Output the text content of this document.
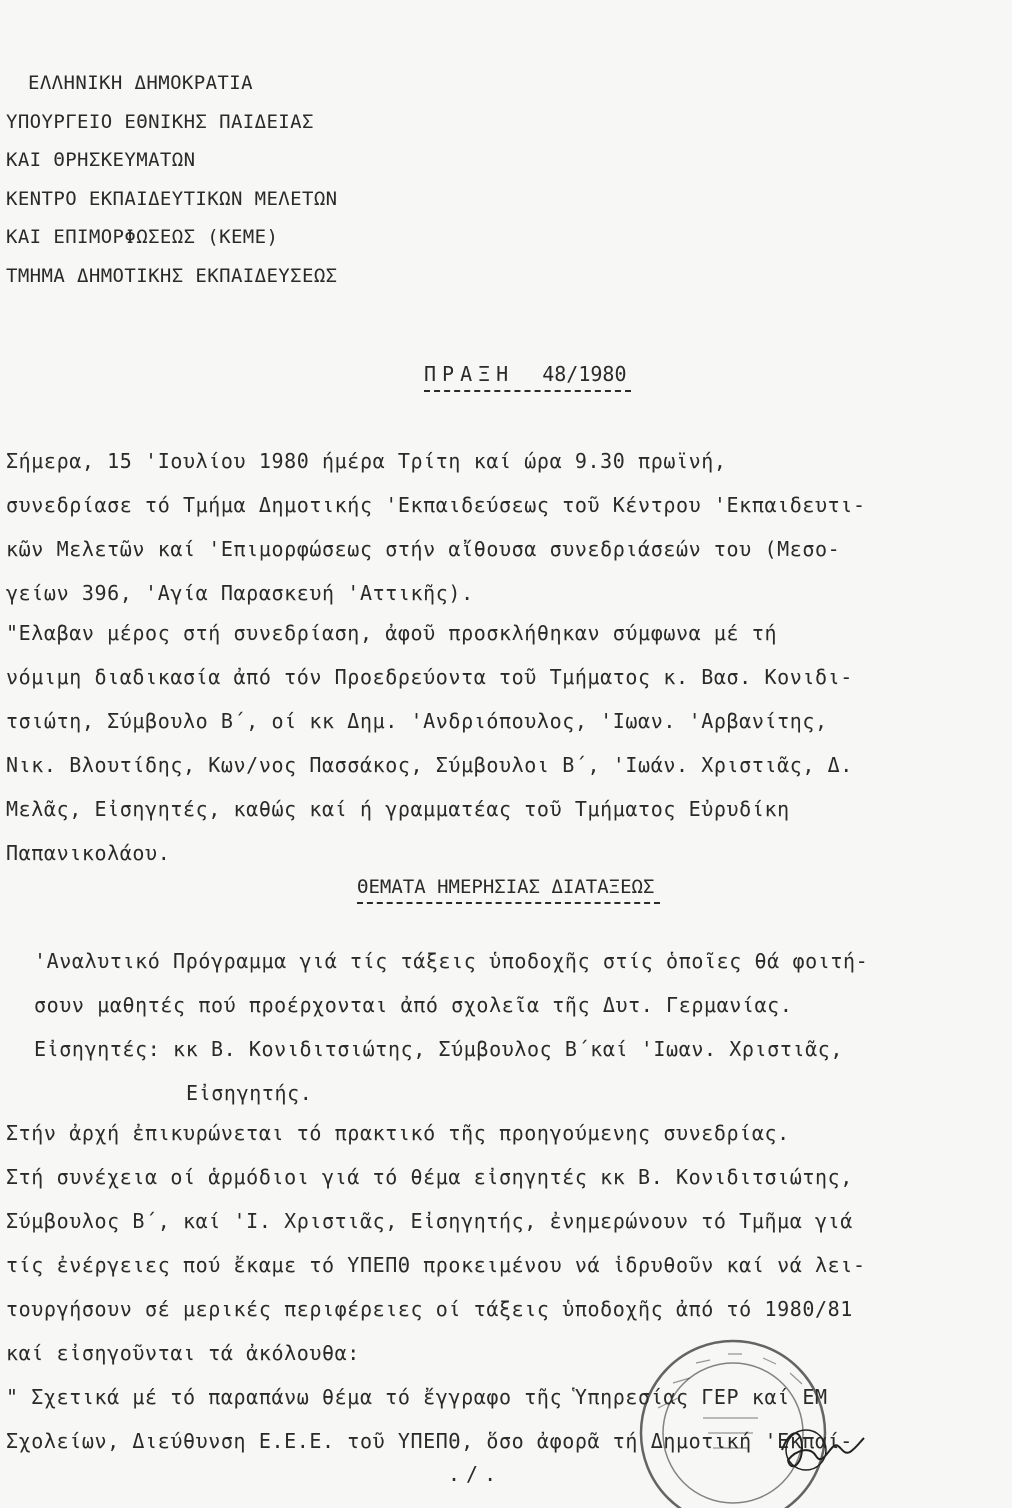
ΕΛΛΗΝΙΚΗ ΔΗΜΟΚΡΑΤΙΑ
ΥΠΟΥΡΓΕΙΟ ΕΘΝΙΚΗΣ ΠΑΙΔΕΙΑΣ
ΚΑΙ ΘΡΗΣΚΕΥΜΑΤΩΝ
ΚΕΝΤΡΟ ΕΚΠΑΙΔΕΥΤΙΚΩΝ ΜΕΛΕΤΩΝ
ΚΑΙ ΕΠΙΜΟΡΦΩΣΕΩΣ (ΚΕΜΕ)
ΤΜΗΜΑ ΔΗΜΟΤΙΚΗΣ ΕΚΠΑΙΔΕΥΣΕΩΣ
ΠΡΑΞΗ 48/1980
Σήμερα, 15 'Ιουλίου 1980 ήμέρα Τρίτη καί ώρα 9.30 πρωϊνή,
συνεδρίασε τό Τμήμα Δημοτικής 'Εκπαιδεύσεως τοῦ Κέντρου 'Εκπαιδευτι-
κῶν Μελετῶν καί 'Επιμορφώσεως στήν αἴθουσα συνεδριάσεών του (Μεσο-
γείων 396, 'Αγία Παρασκευή 'Αττικῆς).
"Ελαβαν μέρος στή συνεδρίαση, ἀφοῦ προσκλήθηκαν σύμφωνα μέ τή
νόμιμη διαδικασία ἀπό τόν Προεδρεύοντα τοῦ Τμήματος κ. Βασ. Κονιδι-
τσιώτη, Σύμβουλο Β΄, οί κκ Δημ. 'Ανδριόπουλος, 'Ιωαν. 'Αρβανίτης,
Νικ. Βλουτίδης, Κων/νος Πασσάκος, Σύμβουλοι Β΄, 'Ιωάν. Χριστιᾶς, Δ.
Μελᾶς, Εἰσηγητές, καθώς καί ή γραμματέας τοῦ Τμήματος Εὐρυδίκη
Παπανικολάου.
ΘΕΜΑΤΑ ΗΜΕΡΗΣΙΑΣ ΔΙΑΤΑΞΕΩΣ
'Αναλυτικό Πρόγραμμα γιά τίς τάξεις ὑποδοχῆς στίς ὁποῖες θά φοιτή-
σουν μαθητές πού προέρχονται ἀπό σχολεῖα τῆς Δυτ. Γερμανίας.
Εἰσηγητές: κκ Β. Κονιδιτσιώτης, Σύμβουλος Β΄καί 'Ιωαν. Χριστιᾶς,
Εἰσηγητής.
Στήν ἀρχή ἐπικυρώνεται τό πρακτικό τῆς προηγούμενης συνεδρίας.
Στή συνέχεια οί ἁρμόδιοι γιά τό θέμα εἰσηγητές κκ Β. Κονιδιτσιώτης,
Σύμβουλος Β΄, καί 'Ι. Χριστιᾶς, Εἰσηγητής, ἐνημερώνουν τό Τμῆμα γιά
τίς ἐνέργειες πού ἔκαμε τό ΥΠΕΠΘ προκειμένου νά ἱδρυθοῦν καί νά λει-
τουργήσουν σέ μερικές περιφέρειες οί τάξεις ὑποδοχῆς ἀπό τό 1980/81
καί εἰσηγοῦνται τά ἀκόλουθα:
" Σχετικά μέ τό παραπάνω θέμα τό ἔγγραφο τῆς Ὑπηρεσίας ΓΕΡ καί ΕΜ
Σχολείων, Διεύθυνση Ε.Ε.Ε. τοῦ ΥΠΕΠΘ, ὅσο ἀφορᾶ τή Δημοτική 'Εκπαί-
./.
